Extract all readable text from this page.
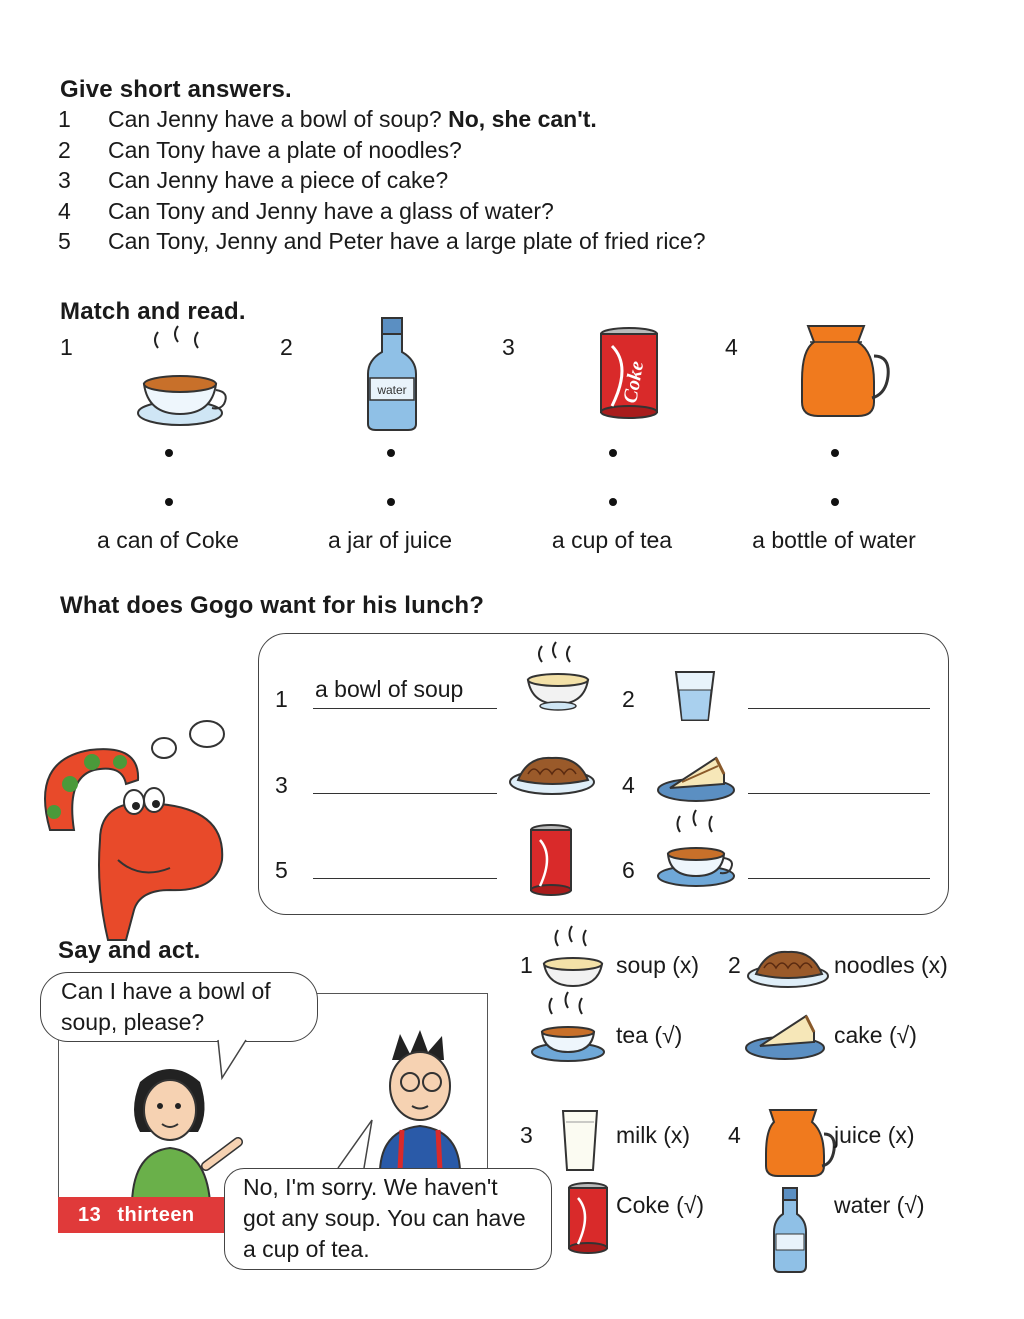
Give short answers.
1 Can Jenny have a bowl of soup? No, she can't.
2 Can Tony have a plate of noodles?
3 Can Jenny have a piece of cake?
4 Can Tony and Jenny have a glass of water?
5 Can Tony, Jenny and Peter have a large plate of fried rice?
Match and read.
1	2	3	4
water	Coke
a can of Coke	a jar of juice	a cup of tea	a bottle of water
What does Gogo want for his lunch?
1 a bowl of soup	2
3	4
5	6
Say and act.
Can I have a bowl of soup, please?
No, I'm sorry. We haven't got any soup. You can have a cup of tea.
13 thirteen
1	soup (x)
tea (√)
2	noodles (x)
cake (√)
3	milk (x)
Coke (√)
4	juice (x)
water (√)
